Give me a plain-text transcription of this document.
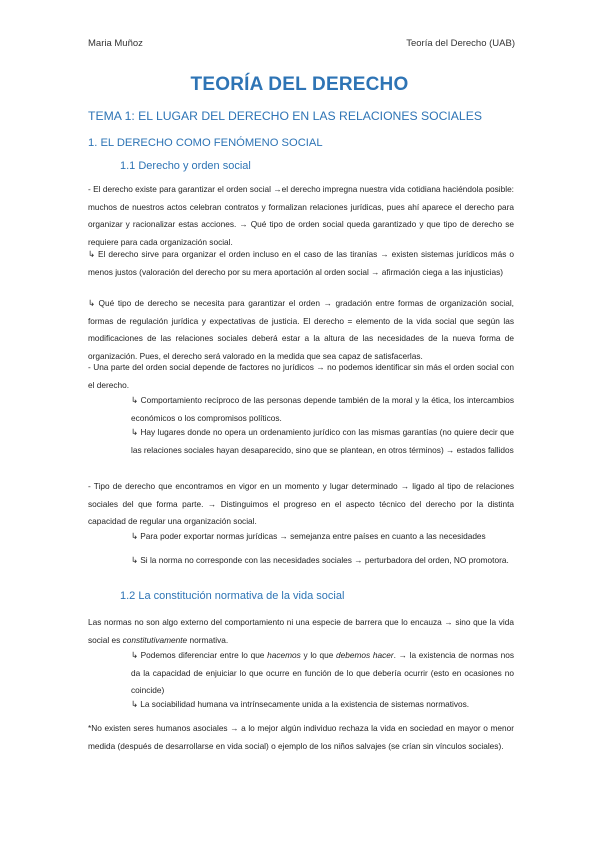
Maria Muñoz	Teoría del Derecho (UAB)
TEORÍA DEL DERECHO
TEMA 1: EL LUGAR DEL DERECHO EN LAS RELACIONES SOCIALES
1. EL DERECHO COMO FENÓMENO SOCIAL
1.1 Derecho y orden social

- El derecho existe para garantizar el orden social →el derecho impregna nuestra vida cotidiana haciéndola posible: muchos de nuestros actos celebran contratos y formalizan relaciones jurídicas, pues ahí aparece el derecho para organizar y racionalizar estas acciones. → Qué tipo de orden social queda garantizado y que tipo de derecho se requiere para cada organización social.

↳ El derecho sirve para organizar el orden incluso en el caso de las tiranías → existen sistemas jurídicos más o menos justos (valoración del derecho por su mera aportación al orden social → afirmación ciega a las injusticias)

↳ Qué tipo de derecho se necesita para garantizar el orden → gradación entre formas de organización social, formas de regulación jurídica y expectativas de justicia. El derecho = elemento de la vida social que según las modificaciones de las relaciones sociales deberá estar a la altura de las necesidades de la nueva forma de organización. Pues, el derecho será valorado en la medida que sea capaz de satisfacerlas.

- Una parte del orden social depende de factores no jurídicos → no podemos identificar sin más el orden social con el derecho.

↳ Comportamiento recíproco de las personas depende también de la moral y la ética, los intercambios económicos o los compromisos políticos.

↳ Hay lugares donde no opera un ordenamiento jurídico con las mismas garantías (no quiere decir que las relaciones sociales hayan desaparecido, sino que se plantean, en otros términos) → estados fallidos

- Tipo de derecho que encontramos en vigor en un momento y lugar determinado → ligado al tipo de relaciones sociales del que forma parte. → Distinguimos el progreso en el aspecto técnico del derecho por la distinta capacidad de regular una organización social.

↳ Para poder exportar normas jurídicas → semejanza entre países en cuanto a las necesidades

↳ Si la norma no corresponde con las necesidades sociales → perturbadora del orden, NO promotora.

1.2 La constitución normativa de la vida social

Las normas no son algo externo del comportamiento ni una especie de barrera que lo encauza → sino que la vida social es constitutivamente normativa.

↳ Podemos diferenciar entre lo que hacemos y lo que debemos hacer. → la existencia de normas nos da la capacidad de enjuiciar lo que ocurre en función de lo que debería ocurrir (esto en ocasiones no coincide)

↳ La sociabilidad humana va intrínsecamente unida a la existencia de sistemas normativos.

*No existen seres humanos asociales → a lo mejor algún individuo rechaza la vida en sociedad en mayor o menor medida (después de desarrollarse en vida social) o ejemplo de los niños salvajes (se crían sin vínculos sociales).
